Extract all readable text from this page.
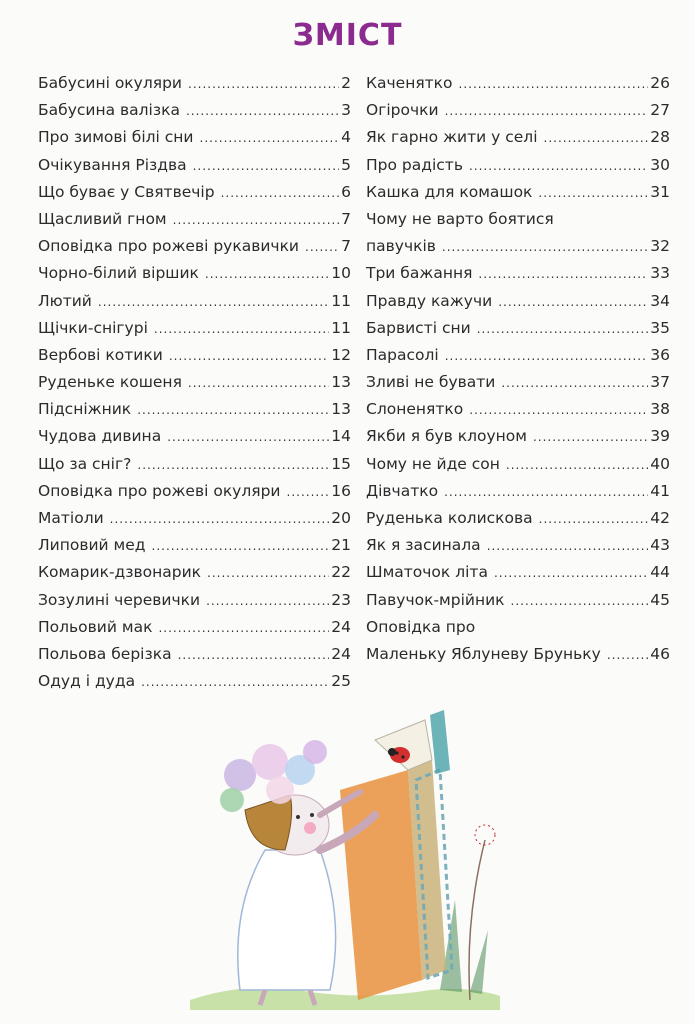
ЗМІСТ
Бабусині окуляри .....	2
Бабусина валізка .....	3
Про зимові білі сни .....	4
Очікування Різдва .....	5
Що буває у Святвечір .....	6
Щасливий гном .....	7
Оповідка про рожеві рукавички .....	7
Чорно-білий віршик .....	10
Лютий .....	11
Щічки-снігурі .....	11
Вербові котики .....	12
Руденьке кошеня .....	13
Підсніжник .....	13
Чудова дивина .....	14
Що за сніг? .....	15
Оповідка про рожеві окуляри .....	16
Матіоли .....	20
Липовий мед .....	21
Комарик-дзвонарик .....	22
Зозулині черевички .....	23
Польовий мак .....	24
Польова берізка .....	24
Одуд і дуда .....	25
Каченятко .....	26
Огірочки .....	27
Як гарно жити у селі .....	28
Про радість .....	30
Кашка для комашок .....	31
Чому не варто боятися
павучків .....	32
Три бажання .....	33
Правду кажучи .....	34
Барвисті сни .....	35
Парасолі .....	36
Зливі не бувати .....	37
Слоненятко .....	38
Якби я був клоуном .....	39
Чому не йде сон .....	40
Дівчатко .....	41
Руденька колискова .....	42
Як я засинала .....	43
Шматочок літа .....	44
Павучок-мрійник .....	45
Оповідка про
Маленьку Яблуневу Бруньку .....	46
